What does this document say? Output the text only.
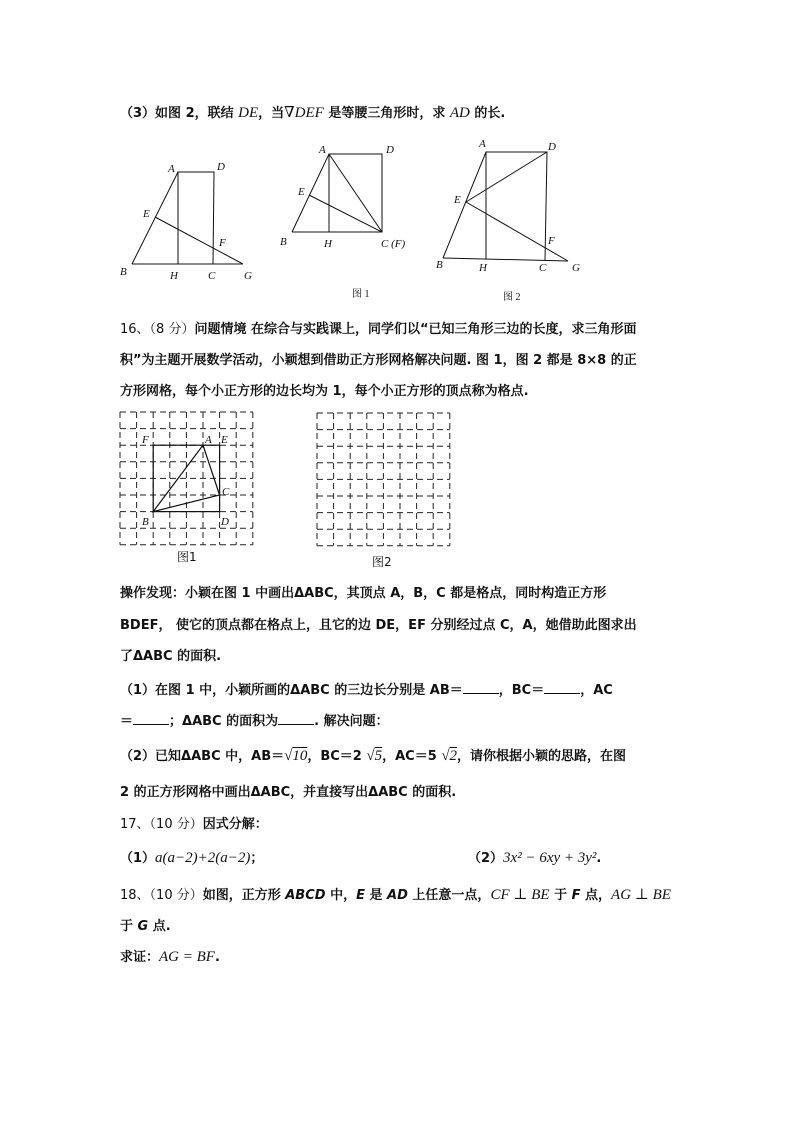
（3）如图 2，联结 DE，当∇DEF 是等腰三角形时，求 AD 的长.
A	D
E
F
B	H	C	G
A	D
E
B	H	C (F)
图 1
A	D
E
F
B	H	C G
图 2
F	A E
C
B	D
图1	图2
16、（8 分）问题情境 在综合与实践课上，同学们以“已知三角形三边的长度，求三角形面
积”为主题开展数学活动，小颖想到借助正方形网格解决问题. 图 1，图 2 都是 8×8 的正
方形网格，每个小正方形的边长均为 1，每个小正方形的顶点称为格点.
操作发现：小颖在图 1 中画出ΔABC，其顶点 A，B，C 都是格点，同时构造正方形
BDEF， 使它的顶点都在格点上，且它的边 DE，EF 分别经过点 C，A，她借助此图求出
了ΔABC 的面积.
（1）在图 1 中，小颖所画的ΔABC 的三边长分别是 AB＝	，BC＝	，AC
＝	；ΔABC 的面积为	. 解决问题：
（2）已知ΔABC 中，AB＝√10，BC＝2 √5，AC＝5 √2，请你根据小颖的思路，在图
2 的正方形网格中画出ΔABC，并直接写出ΔABC 的面积.
17、（10 分）因式分解：
（1）a(a−2)+2(a−2)；	（2）3x² − 6xy + 3y².
18、（10 分）如图，正方形 ABCD 中，E 是 AD 上任意一点，CF ⊥ BE 于 F 点，AG ⊥ BE
于 G 点.
求证：AG = BF.
